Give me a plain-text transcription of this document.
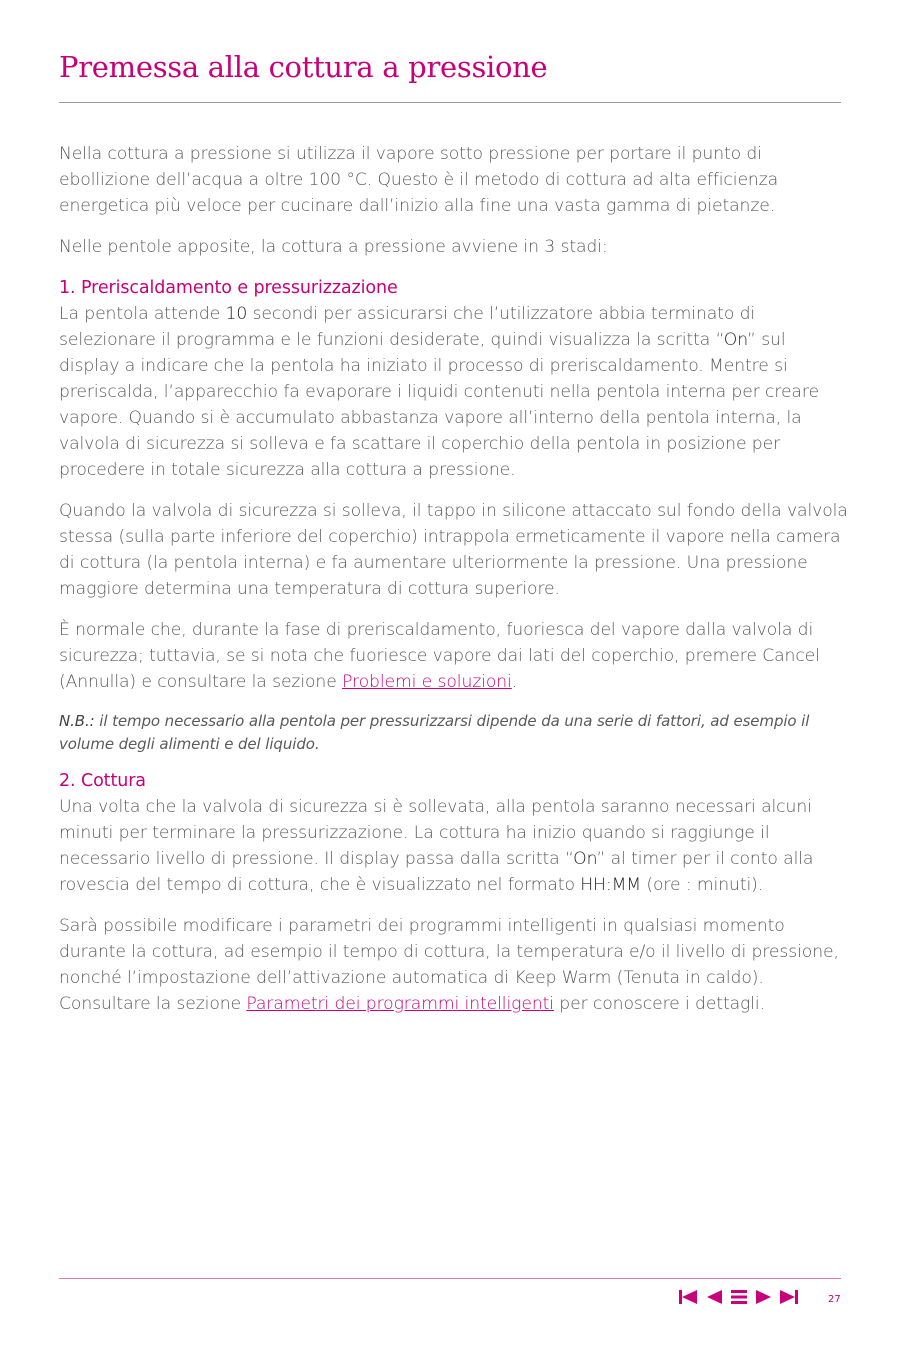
Premessa alla cottura a pressione

Nella cottura a pressione si utilizza il vapore sotto pressione per portare il punto di ebollizione dell’acqua a oltre 100 °C. Questo è il metodo di cottura ad alta efficienza energetica più veloce per cucinare dall’inizio alla fine una vasta gamma di pietanze.

Nelle pentole apposite, la cottura a pressione avviene in 3 stadi:

1. Preriscaldamento e pressurizzazione

La pentola attende 10 secondi per assicurarsi che l’utilizzatore abbia terminato di selezionare il programma e le funzioni desiderate, quindi visualizza la scritta “On” sul display a indicare che la pentola ha iniziato il processo di preriscaldamento. Mentre si preriscalda, l’apparecchio fa evaporare i liquidi contenuti nella pentola interna per creare vapore. Quando si è accumulato abbastanza vapore all’interno della pentola interna, la valvola di sicurezza si solleva e fa scattare il coperchio della pentola in posizione per procedere in totale sicurezza alla cottura a pressione.

Quando la valvola di sicurezza si solleva, il tappo in silicone attaccato sul fondo della valvola stessa (sulla parte inferiore del coperchio) intrappola ermeticamente il vapore nella camera di cottura (la pentola interna) e fa aumentare ulteriormente la pressione. Una pressione maggiore determina una temperatura di cottura superiore.

È normale che, durante la fase di preriscaldamento, fuoriesca del vapore dalla valvola di sicurezza; tuttavia, se si nota che fuoriesce vapore dai lati del coperchio, premere Cancel (Annulla) e consultare la sezione Problemi e soluzioni.

N.B.: il tempo necessario alla pentola per pressurizzarsi dipende da una serie di fattori, ad esempio il volume degli alimenti e del liquido.

2. Cottura

Una volta che la valvola di sicurezza si è sollevata, alla pentola saranno necessari alcuni minuti per terminare la pressurizzazione. La cottura ha inizio quando si raggiunge il necessario livello di pressione. Il display passa dalla scritta “On” al timer per il conto alla rovescia del tempo di cottura, che è visualizzato nel formato HH:MM (ore : minuti).

Sarà possibile modificare i parametri dei programmi intelligenti in qualsiasi momento durante la cottura, ad esempio il tempo di cottura, la temperatura e/o il livello di pressione, nonché l’impostazione dell’attivazione automatica di Keep Warm (Tenuta in caldo). Consultare la sezione Parametri dei programmi intelligenti per conoscere i dettagli.

27
